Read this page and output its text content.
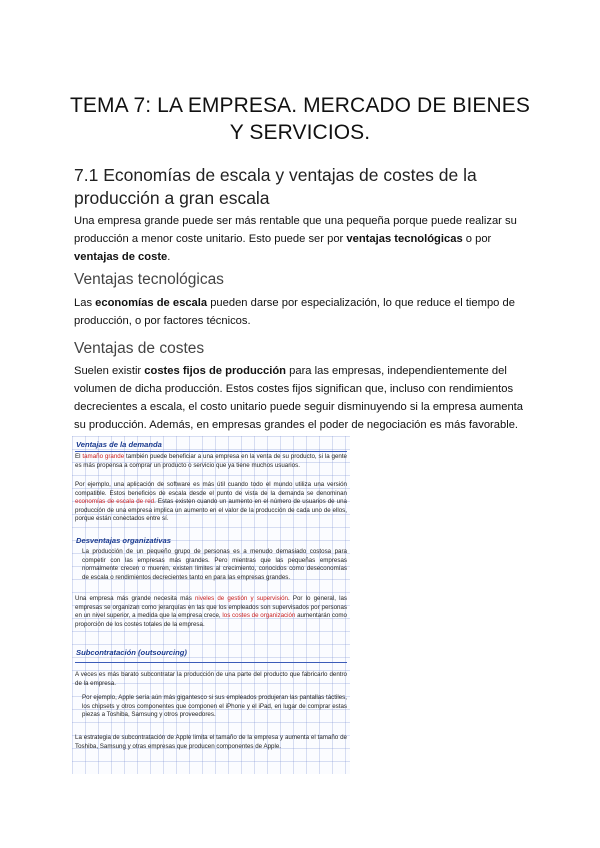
TEMA 7: LA EMPRESA. MERCADO DE BIENES
Y SERVICIOS.
7.1 Economías de escala y ventajas de costes de la producción a gran escala

Una empresa grande puede ser más rentable que una pequeña porque puede realizar su producción a menor coste unitario. Esto puede ser por ventajas tecnológicas o por ventajas de coste.

Ventajas tecnológicas

Las economías de escala pueden darse por especialización, lo que reduce el tiempo de producción, o por factores técnicos.

Ventajas de costes

Suelen existir costes fijos de producción para las empresas, independientemente del volumen de dicha producción. Estos costes fijos significan que, incluso con rendimientos decrecientes a escala, el costo unitario puede seguir disminuyendo si la empresa aumenta su producción. Además, en empresas grandes el poder de negociación es más favorable.

Ventajas de la demanda

El tamaño grande también puede beneficiar a una empresa en la venta de su producto, si la gente es más propensa a comprar un producto o servicio que ya tiene muchos usuarios.

Por ejemplo, una aplicación de software es más útil cuando todo el mundo utiliza una versión compatible. Estos beneficios de escala desde el punto de vista de la demanda se denominan economías de escala de red. Estas existen cuando un aumento en el número de usuarios de una producción de una empresa implica un aumento en el valor de la producción de cada uno de ellos, porque están conectados entre sí.

Desventajas organizativas

La producción de un pequeño grupo de personas es a menudo demasiado costosa para competir con las empresas más grandes. Pero mientras que las pequeñas empresas normalmente crecen o mueren, existen límites al crecimiento, conocidos como deseconomías de escala o rendimientos decrecientes tanto en para las empresas grandes.

Una empresa más grande necesita más niveles de gestión y supervisión. Por lo general, las empresas se organizan como jerarquías en las que los empleados son supervisados por personas en un nivel superior, a medida que la empresa crece, los costes de organización aumentarán como proporción de los costes totales de la empresa.

Subcontratación (outsourcing)

A veces es más barato subcontratar la producción de una parte del producto que fabricarlo dentro de la empresa.

Por ejemplo, Apple sería aún más gigantesco si sus empleados produjeran las pantallas táctiles, los chipsets y otros componentes que componen el iPhone y el iPad, en lugar de comprar estas piezas a Toshiba, Samsung y otros proveedores.

La estrategia de subcontratación de Apple limita el tamaño de la empresa y aumenta el tamaño de Toshiba, Samsung y otras empresas que producen componentes de Apple.
